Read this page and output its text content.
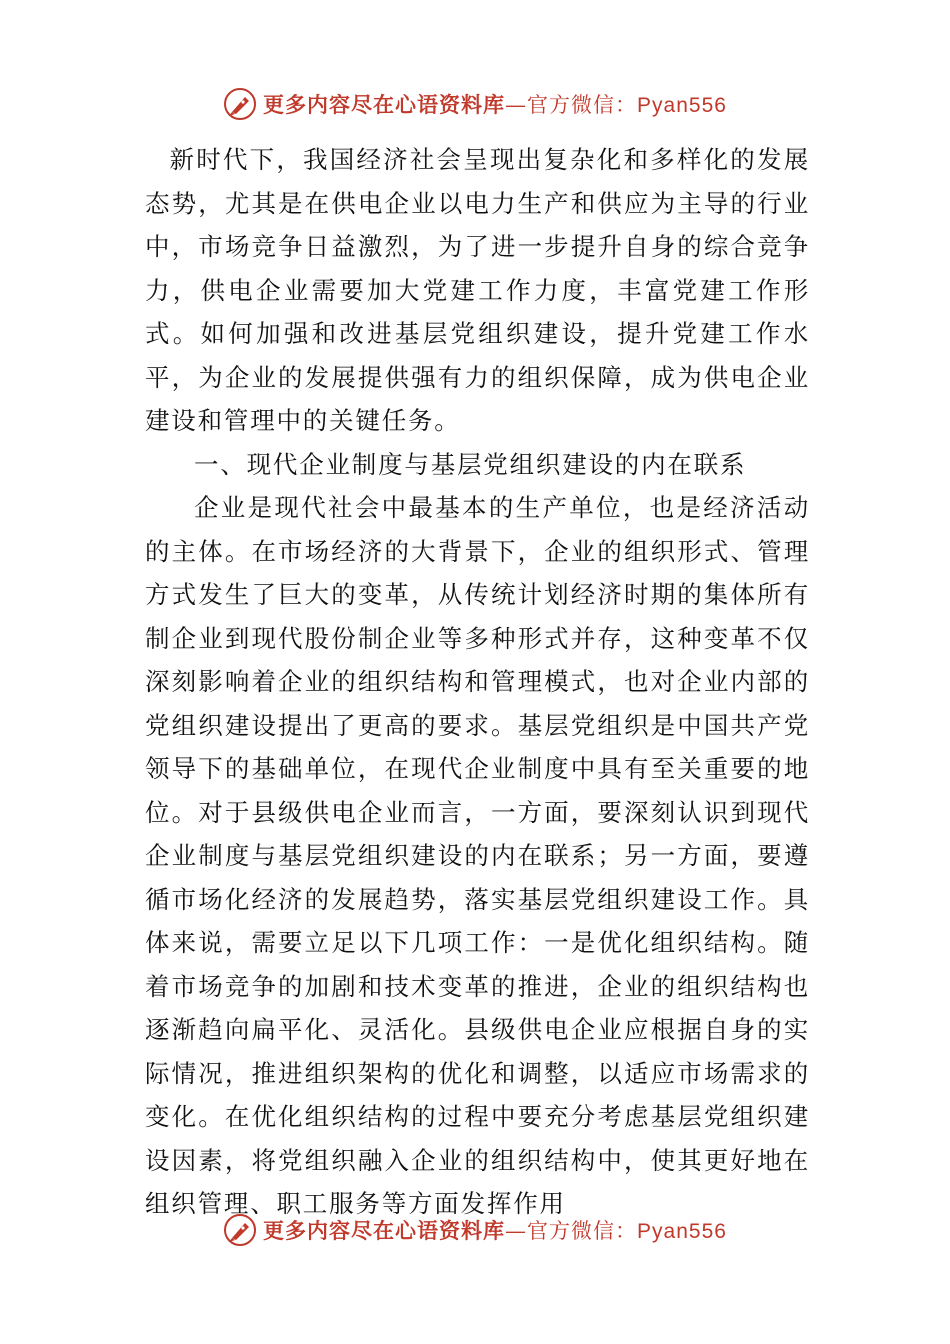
更多内容尽在心语资料库—官方微信：Pyan556

新时代下，我国经济社会呈现出复杂化和多样化的发展态势，尤其是在供电企业以电力生产和供应为主导的行业中，市场竞争日益激烈，为了进一步提升自身的综合竞争力，供电企业需要加大党建工作力度，丰富党建工作形式。如何加强和改进基层党组织建设，提升党建工作水平，为企业的发展提供强有力的组织保障，成为供电企业建设和管理中的关键任务。

一、现代企业制度与基层党组织建设的内在联系

企业是现代社会中最基本的生产单位，也是经济活动的主体。在市场经济的大背景下，企业的组织形式、管理方式发生了巨大的变革，从传统计划经济时期的集体所有制企业到现代股份制企业等多种形式并存，这种变革不仅深刻影响着企业的组织结构和管理模式，也对企业内部的党组织建设提出了更高的要求。基层党组织是中国共产党领导下的基础单位，在现代企业制度中具有至关重要的地位。对于县级供电企业而言，一方面，要深刻认识到现代企业制度与基层党组织建设的内在联系；另一方面，要遵循市场化经济的发展趋势，落实基层党组织建设工作。具体来说，需要立足以下几项工作：一是优化组织结构。随着市场竞争的加剧和技术变革的推进，企业的组织结构也逐渐趋向扁平化、灵活化。县级供电企业应根据自身的实际情况，推进组织架构的优化和调整，以适应市场需求的变化。在优化组织结构的过程中要充分考虑基层党组织建设因素，将党组织融入企业的组织结构中，使其更好地在组织管理、职工服务等方面发挥作用

更多内容尽在心语资料库—官方微信：Pyan556
